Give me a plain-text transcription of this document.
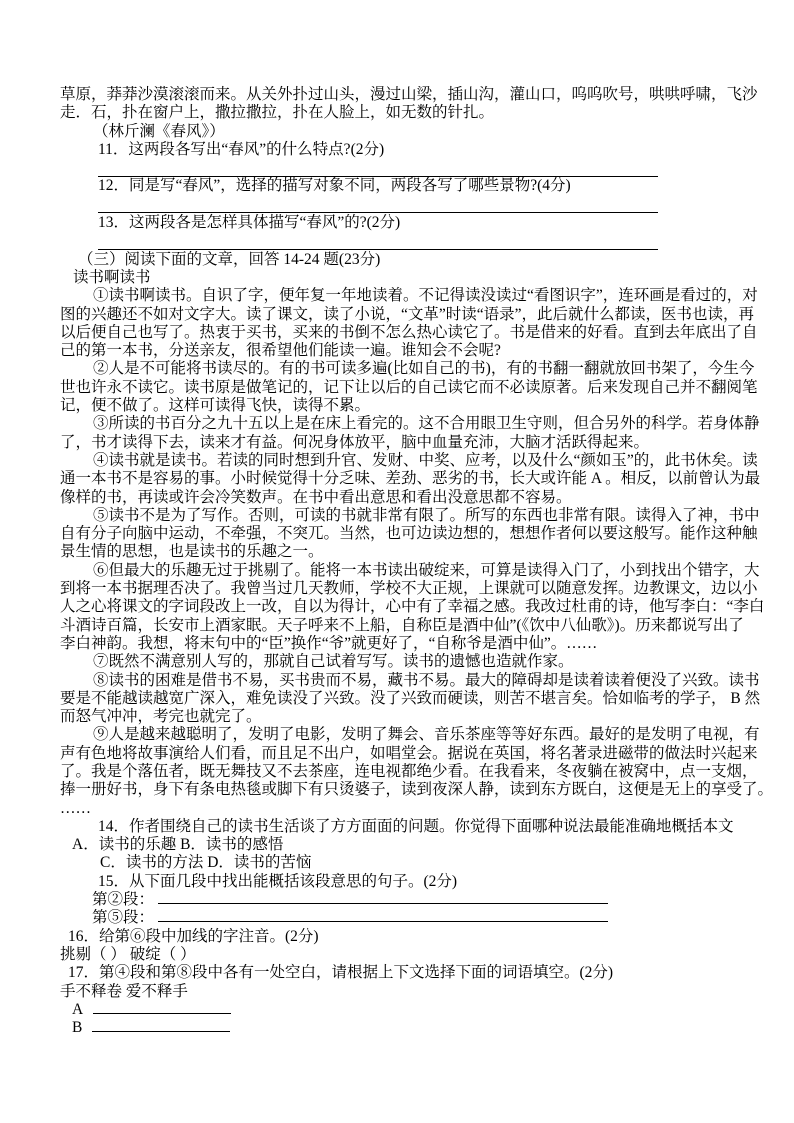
草原，莽莽沙漠滚滚而来。从关外扑过山头，漫过山梁，插山沟，灌山口，呜呜吹号，哄哄呼啸，飞沙
走．石，扑在窗户上，撒拉撒拉，扑在人脸上，如无数的针扎。
（林斤澜《春风》）
11．这两段各写出“春风”的什么特点?(2分)
12．同是写“春风”，选择的描写对象不同，两段各写了哪些景物?(4分)
13．这两段各是怎样具体描写“春风”的?(2分)
（三）阅读下面的文章，回答 14-24 题(23分)
读书啊读书
①读书啊读书。自识了字，便年复一年地读着。不记得读没读过“看图识字”，连环画是看过的，对
图的兴趣还不如对文字大。读了课文，读了小说，“文革”时读“语录”，此后就什么都读，医书也读，再
以后便自己也写了。热衷于买书，买来的书倒不怎么热心读它了。书是借来的好看。直到去年底出了自
己的第一本书，分送亲友，很希望他们能读一遍。谁知会不会呢?
②人是不可能将书读尽的。有的书可读多遍(比如自己的书)，有的书翻一翻就放回书架了，今生今
世也许永不读它。读书原是做笔记的，记下让以后的自己读它而不必读原著。后来发现自己并不翻阅笔
记，便不做了。这样可读得飞快，读得不累。
③所读的书百分之九十五以上是在床上看完的。这不合用眼卫生守则，但合另外的科学。若身体静
了，书才读得下去，读来才有益。何况身体放平，脑中血量充沛，大脑才活跃得起来。
④读书就是读书。若读的同时想到升官、发财、中奖、应考，以及什么“颜如玉”的，此书休矣。读
通一本书不是容易的事。小时候觉得十分乏味、差劲、恶劣的书，长大或许能 A 。相反，以前曾认为最
像样的书，再读或许会冷笑数声。在书中看出意思和看出没意思都不容易。
⑤读书不是为了写作。否则，可读的书就非常有限了。所写的东西也非常有限。读得入了神，书中
自有分子向脑中运动，不牵强，不突兀。当然，也可边读边想的，想想作者何以要这般写。能作这种触
景生情的思想，也是读书的乐趣之一。
⑥但最大的乐趣无过于挑剔了。能将一本书读出破绽来，可算是读得入门了，小到找出个错字，大
到将一本书据理否决了。我曾当过几天教师，学校不大正规，上课就可以随意发挥。边教课文，边以小
人之心将课文的字词段改上一改，自以为得计，心中有了幸福之感。我改过杜甫的诗，他写李白：“李白
斗酒诗百篇，长安市上酒家眠。天子呼来不上船，自称臣是酒中仙”(《饮中八仙歌》)。历来都说写出了
李白神韵。我想，将末句中的“臣”换作“爷”就更好了，“自称爷是酒中仙”。……
⑦既然不满意别人写的，那就自己试着写写。读书的遗憾也造就作家。
⑧读书的困难是借书不易，买书贵而不易，藏书不易。最大的障碍却是读着读着便没了兴致。读书
要是不能越读越宽广深入，难免读没了兴致。没了兴致而硬读，则苦不堪言矣。恰如临考的学子， B 然
而怒气冲冲，考完也就完了。
⑨人是越来越聪明了，发明了电影，发明了舞会、音乐茶座等等好东西。最好的是发明了电视，有
声有色地将故事演给人们看，而且足不出户，如唱堂会。据说在英国，将名著录进磁带的做法时兴起来
了。我是个落伍者，既无舞技又不去茶座，连电视都绝少看。在我看来，冬夜躺在被窝中，点一支烟，
捧一册好书，身下有条电热毯或脚下有只烫婆子，读到夜深人静，读到东方既白，这便是无上的享受了。
……
14．作者围绕自己的读书生活谈了方方面面的问题。你觉得下面哪种说法最能准确地概括本文
A．读书的乐趣 B．读书的感悟
C．读书的方法 D．读书的苦恼
15．从下面几段中找出能概括该段意思的句子。(2分)
第②段：
第⑤段：
16．给第⑥段中加线的字注音。(2分)
挑剔（ ） 破绽（ ）
17．第④段和第⑧段中各有一处空白，请根据上下文选择下面的词语填空。(2分)
手不释卷 爱不释手
A
B
